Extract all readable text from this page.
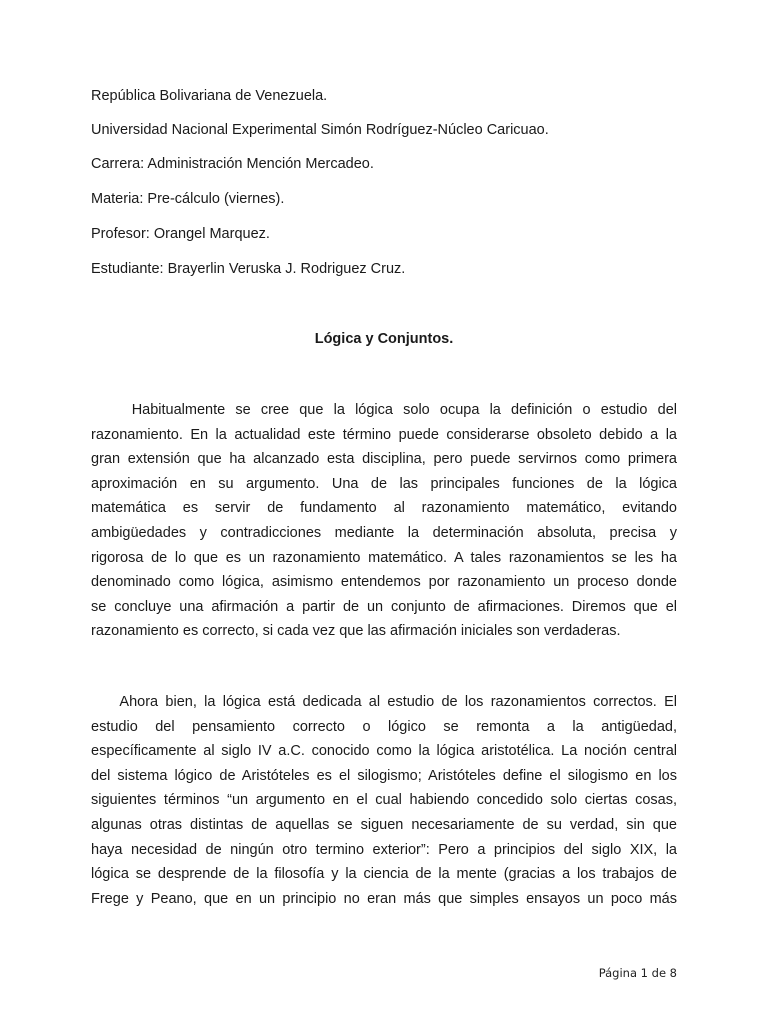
República Bolivariana de Venezuela.
Universidad Nacional Experimental Simón Rodríguez-Núcleo Caricuao.
Carrera: Administración Mención Mercadeo.
Materia: Pre-cálculo (viernes).
Profesor: Orangel Marquez.
Estudiante: Brayerlin Veruska J. Rodriguez Cruz.
Lógica y Conjuntos.
Habitualmente se cree que la lógica solo ocupa la definición o estudio del
razonamiento. En la actualidad este término puede considerarse obsoleto debido a la
gran extensión que ha alcanzado esta disciplina, pero puede servirnos como primera
aproximación en su argumento. Una de las principales funciones de la lógica
matemática es servir de fundamento al razonamiento matemático, evitando
ambigüedades y contradicciones mediante la determinación absoluta, precisa y
rigorosa de lo que es un razonamiento matemático. A tales razonamientos se les ha
denominado como lógica, asimismo entendemos por razonamiento un proceso donde
se concluye una afirmación a partir de un conjunto de afirmaciones. Diremos que el
razonamiento es correcto, si cada vez que las afirmación iniciales son verdaderas.
Ahora bien, la lógica está dedicada al estudio de los razonamientos correctos. El
estudio del pensamiento correcto o lógico se remonta a la antigüedad,
específicamente al siglo IV a.C. conocido como la lógica aristotélica. La noción central
del sistema lógico de Aristóteles es el silogismo; Aristóteles define el silogismo en los
siguientes términos “un argumento en el cual habiendo concedido solo ciertas cosas,
algunas otras distintas de aquellas se siguen necesariamente de su verdad, sin que
haya necesidad de ningún otro termino exterior”: Pero a principios del siglo XIX, la
lógica se desprende de la filosofía y la ciencia de la mente (gracias a los trabajos de
Frege y Peano, que en un principio no eran más que simples ensayos un poco más
Página 1 de 8
